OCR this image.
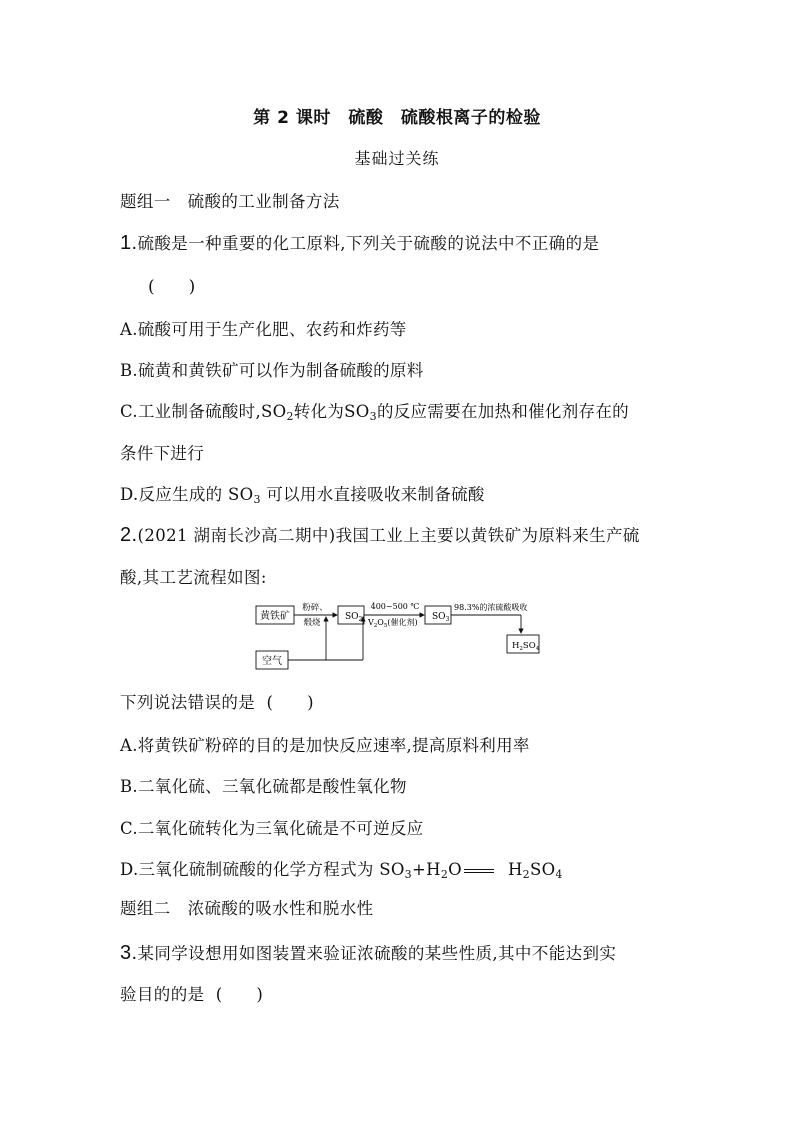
第 2 课时　硫酸　硫酸根离子的检验
基础过关练
题组一　硫酸的工业制备方法
1.硫酸是一种重要的化工原料,下列关于硫酸的说法中不正确的是
(　　)
A.硫酸可用于生产化肥、农药和炸药等
B.硫黄和黄铁矿可以作为制备硫酸的原料
C.工业制备硫酸时$,SO_2$转化为$SO_3$的反应需要在加热和催化剂存在的
条件下进行
D.反应生成的 $SO_3$ 可以用水直接吸收来制备硫酸
2.(2021 湖南长沙高二期中)我国工业上主要以黄铁矿为原料来生产硫
酸,其工艺流程如图:
黄铁矿
粉碎、
煅烧
$SO_2$
400~500 ℃
$V_2O_5$(催化剂)
$SO_3$
98.3%的浓硫酸吸收
$H_2SO_4$
空气
下列说法错误的是 (　　)
A.将黄铁矿粉碎的目的是加快反应速率,提高原料利用率
B.二氧化硫、三氧化硫都是酸性氧化物
C.二氧化硫转化为三氧化硫是不可逆反应
D.三氧化硫制硫酸的化学方程式为 $SO_3+H_2O$	$H_2SO_4$
题组二　浓硫酸的吸水性和脱水性
3.某同学设想用如图装置来验证浓硫酸的某些性质,其中不能达到实
验目的的是 (　　)
